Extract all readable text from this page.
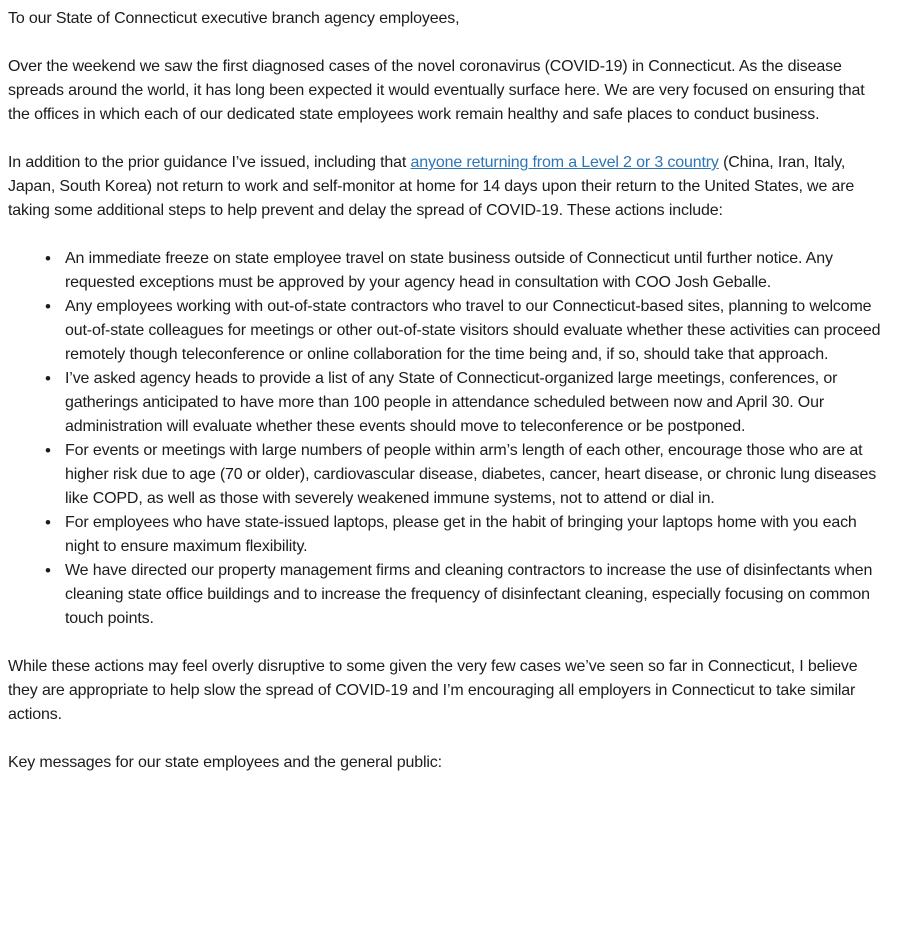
To our State of Connecticut executive branch agency employees,

Over the weekend we saw the first diagnosed cases of the novel coronavirus (COVID-19) in Connecticut. As the disease spreads around the world, it has long been expected it would eventually surface here. We are very focused on ensuring that the offices in which each of our dedicated state employees work remain healthy and safe places to conduct business.

In addition to the prior guidance I’ve issued, including that anyone returning from a Level 2 or 3 country (China, Iran, Italy, Japan, South Korea) not return to work and self-monitor at home for 14 days upon their return to the United States, we are taking some additional steps to help prevent and delay the spread of COVID-19. These actions include:

• An immediate freeze on state employee travel on state business outside of Connecticut until further notice. Any requested exceptions must be approved by your agency head in consultation with COO Josh Geballe.
• Any employees working with out-of-state contractors who travel to our Connecticut-based sites, planning to welcome out-of-state colleagues for meetings or other out-of-state visitors should evaluate whether these activities can proceed remotely though teleconference or online collaboration for the time being and, if so, should take that approach.
• I’ve asked agency heads to provide a list of any State of Connecticut-organized large meetings, conferences, or gatherings anticipated to have more than 100 people in attendance scheduled between now and April 30. Our administration will evaluate whether these events should move to teleconference or be postponed.
• For events or meetings with large numbers of people within arm’s length of each other, encourage those who are at higher risk due to age (70 or older), cardiovascular disease, diabetes, cancer, heart disease, or chronic lung diseases like COPD, as well as those with severely weakened immune systems, not to attend or dial in.
• For employees who have state-issued laptops, please get in the habit of bringing your laptops home with you each night to ensure maximum flexibility.
• We have directed our property management firms and cleaning contractors to increase the use of disinfectants when cleaning state office buildings and to increase the frequency of disinfectant cleaning, especially focusing on common touch points.

While these actions may feel overly disruptive to some given the very few cases we’ve seen so far in Connecticut, I believe they are appropriate to help slow the spread of COVID-19 and I’m encouraging all employers in Connecticut to take similar actions.

Key messages for our state employees and the general public:
